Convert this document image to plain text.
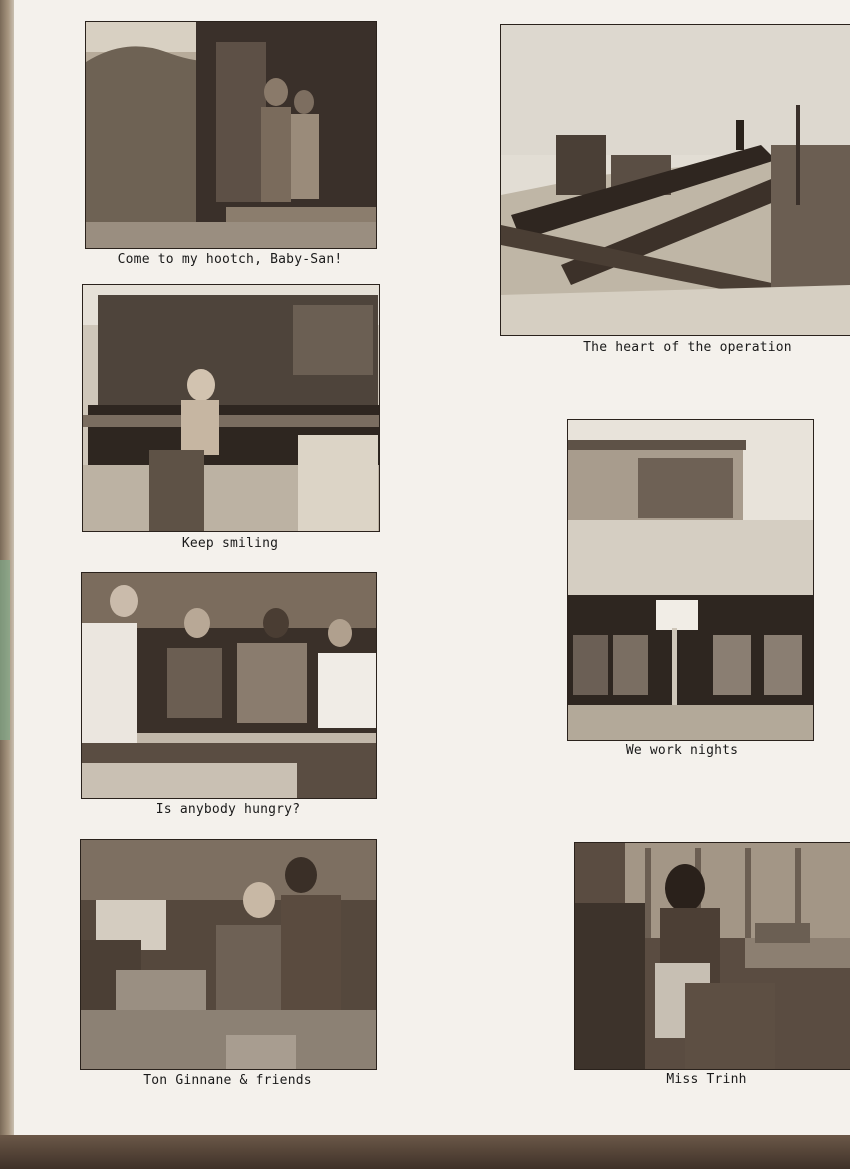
Come to my hootch, Baby-San!
The heart of the operation
Keep smiling
We work nights
Is anybody hungry?
Ton Ginnane & friends	Miss Trinh
